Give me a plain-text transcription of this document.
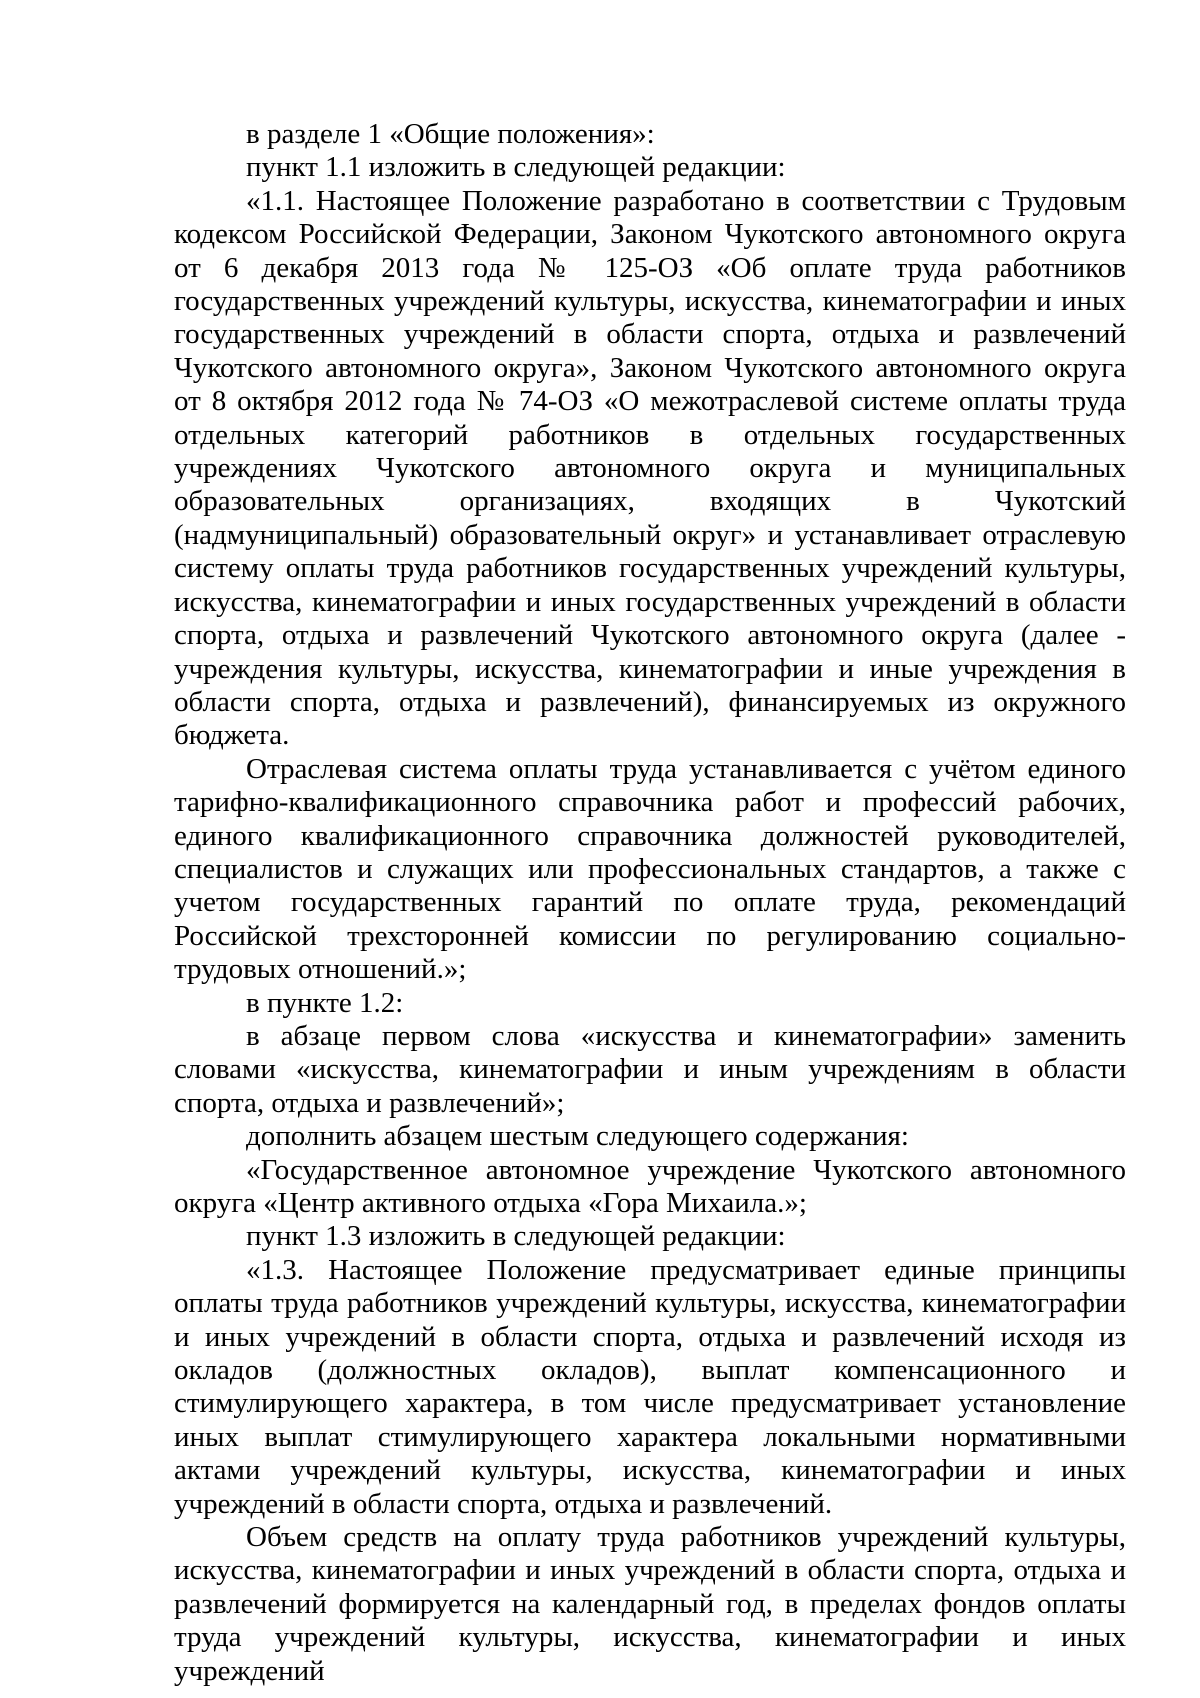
в разделе 1 «Общие положения»:

пункт 1.1 изложить в следующей редакции:

«1.1. Настоящее Положение разработано в соответствии с Трудовым кодексом Российской Федерации, Законом Чукотского автономного округа от 6 декабря 2013 года № 125-ОЗ «Об оплате труда работников государственных учреждений культуры, искусства, кинематографии и иных государственных учреждений в области спорта, отдыха и развлечений Чукотского автономного округа», Законом Чукотского автономного округа от 8 октября 2012 года № 74-ОЗ «О межотраслевой системе оплаты труда отдельных категорий работников в отдельных государственных учреждениях Чукотского автономного округа и муниципальных образовательных организациях, входящих в Чукотский (надмуниципальный) образовательный округ» и устанавливает отраслевую систему оплаты труда работников государственных учреждений культуры, искусства, кинематографии и иных государственных учреждений в области спорта, отдыха и развлечений Чукотского автономного округа (далее - учреждения культуры, искусства, кинематографии и иные учреждения в области спорта, отдыха и развлечений), финансируемых из окружного бюджета.

Отраслевая система оплаты труда устанавливается с учётом единого тарифно-квалификационного справочника работ и профессий рабочих, единого квалификационного справочника должностей руководителей, специалистов и служащих или профессиональных стандартов, а также с учетом государственных гарантий по оплате труда, рекомендаций Российской трехсторонней комиссии по регулированию социально-трудовых отношений.»;

в пункте 1.2:

в абзаце первом слова «искусства и кинематографии» заменить словами «искусства, кинематографии и иным учреждениям в области спорта, отдыха и развлечений»;

дополнить абзацем шестым следующего содержания:

«Государственное автономное учреждение Чукотского автономного округа «Центр активного отдыха «Гора Михаила.»;

пункт 1.3 изложить в следующей редакции:

«1.3. Настоящее Положение предусматривает единые принципы оплаты труда работников учреждений культуры, искусства, кинематографии и иных учреждений в области спорта, отдыха и развлечений исходя из окладов (должностных окладов), выплат компенсационного и стимулирующего характера, в том числе предусматривает установление иных выплат стимулирующего характера локальными нормативными актами учреждений культуры, искусства, кинематографии и иных учреждений в области спорта, отдыха и развлечений.

Объем средств на оплату труда работников учреждений культуры, искусства, кинематографии и иных учреждений в области спорта, отдыха и развлечений формируется на календарный год, в пределах фондов оплаты труда учреждений культуры, искусства, кинематографии и иных учреждений
